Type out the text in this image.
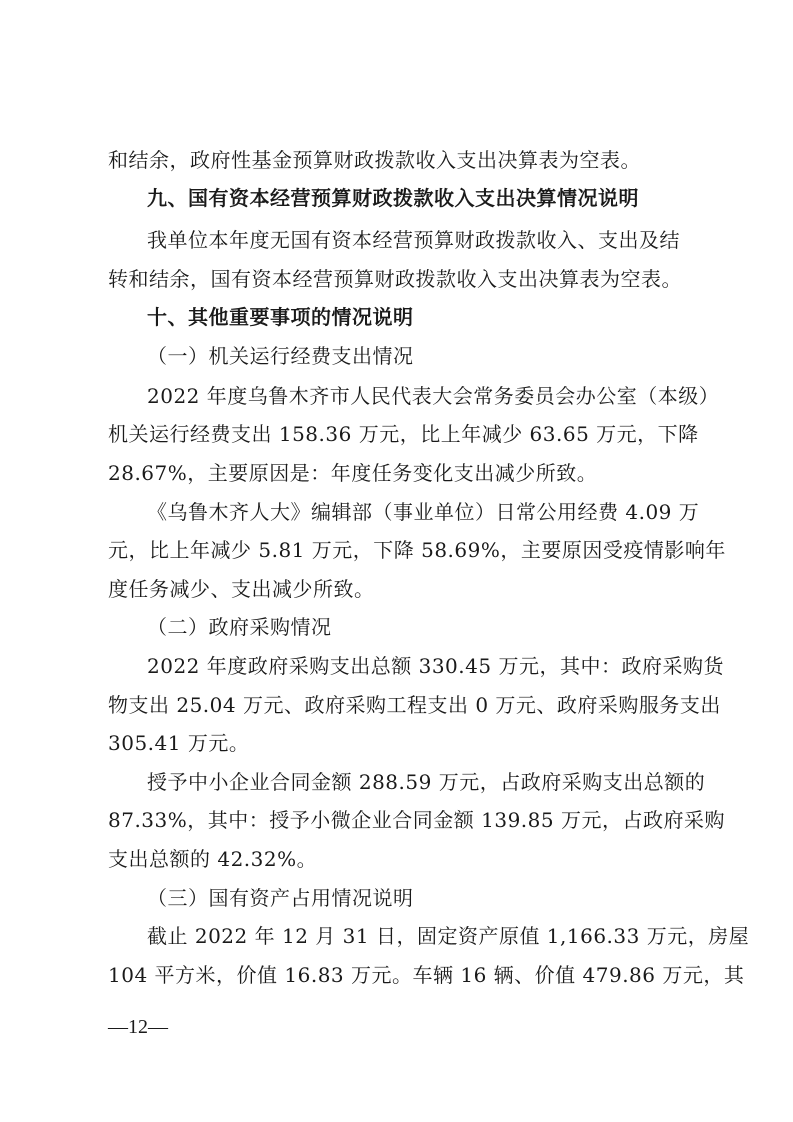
和结余，政府性基金预算财政拨款收入支出决算表为空表。
九、国有资本经营预算财政拨款收入支出决算情况说明
我单位本年度无国有资本经营预算财政拨款收入、支出及结
转和结余，国有资本经营预算财政拨款收入支出决算表为空表。
十、其他重要事项的情况说明
（一）机关运行经费支出情况
2022 年度乌鲁木齐市人民代表大会常务委员会办公室（本级）
机关运行经费支出 158.36 万元，比上年减少 63.65 万元，下降
28.67%，主要原因是：年度任务变化支出减少所致。
《乌鲁木齐人大》编辑部（事业单位）日常公用经费 4.09 万
元，比上年减少 5.81 万元，下降 58.69%，主要原因受疫情影响年
度任务减少、支出减少所致。
（二）政府采购情况
2022 年度政府采购支出总额 330.45 万元，其中：政府采购货
物支出 25.04 万元、政府采购工程支出 0 万元、政府采购服务支出
305.41 万元。
授予中小企业合同金额 288.59 万元，占政府采购支出总额的
87.33%，其中：授予小微企业合同金额 139.85 万元，占政府采购
支出总额的 42.32%。
（三）国有资产占用情况说明
截止 2022 年 12 月 31 日，固定资产原值 1,166.33 万元，房屋
104 平方米，价值 16.83 万元。车辆 16 辆、价值 479.86 万元，其
—12—
